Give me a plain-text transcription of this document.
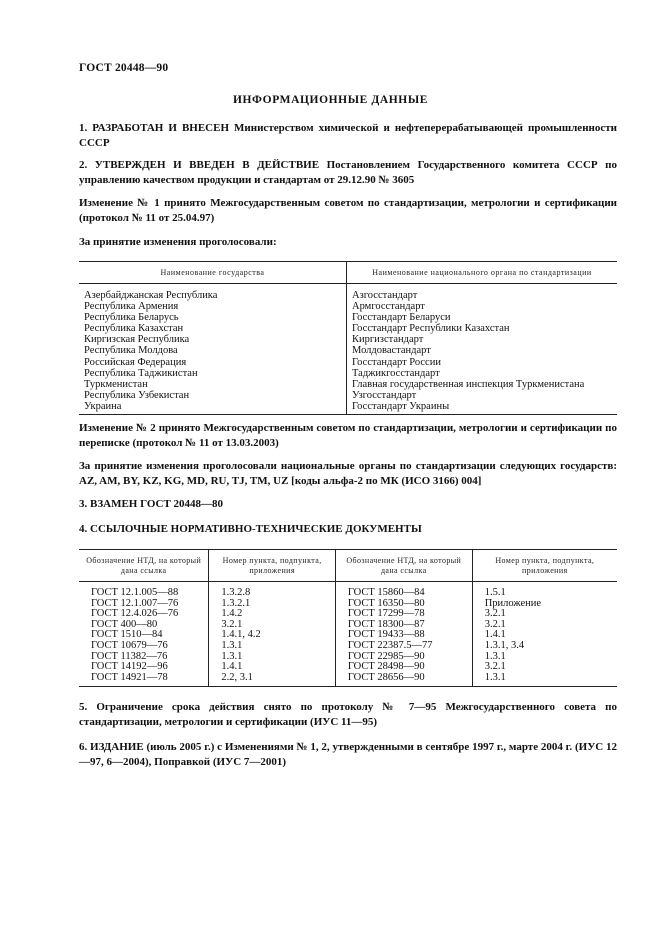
ГОСТ 20448—90
ИНФОРМАЦИОННЫЕ ДАННЫЕ
1. РАЗРАБОТАН И ВНЕСЕН Министерством химической и нефтеперерабатывающей промышленности СССР
2. УТВЕРЖДЕН И ВВЕДЕН В ДЕЙСТВИЕ Постановлением Государственного комитета СССР по управлению качеством продукции и стандартам от 29.12.90 № 3605
Изменение № 1 принято Межгосударственным советом по стандартизации, метрологии и сертификации (протокол № 11 от 25.04.97)
За принятие изменения проголосовали:
Наименование государства	Наименование национального органа по стандартизации
Азербайджанская Республика	Азгосстандарт
Республика Армения	Армгосстандарт
Республика Беларусь	Госстандарт Беларуси
Республика Казахстан	Госстандарт Республики Казахстан
Киргизская Республика	Киргизстандарт
Республика Молдова	Молдовастандарт
Российская Федерация	Госстандарт России
Республика Таджикистан	Таджикгосстандарт
Туркменистан	Главная государственная инспекция Туркменистана
Республика Узбекистан	Узгосстандарт
Украина	Госстандарт Украины
Изменение № 2 принято Межгосударственным советом по стандартизации, метрологии и сертификации по переписке (протокол № 11 от 13.03.2003)
За принятие изменения проголосовали национальные органы по стандартизации следующих государств: AZ, AM, BY, KZ, KG, MD, RU, TJ, TM, UZ [коды альфа-2 по МК (ИСО 3166) 004]
3. ВЗАМЕН ГОСТ 20448—80
4. ССЫЛОЧНЫЕ НОРМАТИВНО-ТЕХНИЧЕСКИЕ ДОКУМЕНТЫ
Обозначение НТД, на который дана ссылка	Номер пункта, подпункта, приложения	Обозначение НТД, на который дана ссылка	Номер пункта, подпункта, приложения
ГОСТ 12.1.005—88	1.3.2.8	ГОСТ 15860—84	1.5.1
ГОСТ 12.1.007—76	1.3.2.1	ГОСТ 16350—80	Приложение
ГОСТ 12.4.026—76	1.4.2	ГОСТ 17299—78	3.2.1
ГОСТ 400—80	3.2.1	ГОСТ 18300—87	3.2.1
ГОСТ 1510—84	1.4.1, 4.2	ГОСТ 19433—88	1.4.1
ГОСТ 10679—76	1.3.1	ГОСТ 22387.5—77	1.3.1, 3.4
ГОСТ 11382—76	1.3.1	ГОСТ 22985—90	1.3.1
ГОСТ 14192—96	1.4.1	ГОСТ 28498—90	3.2.1
ГОСТ 14921—78	2.2, 3.1	ГОСТ 28656—90	1.3.1
5. Ограничение срока действия снято по протоколу № 7—95 Межгосударственного совета по стандартизации, метрологии и сертификации (ИУС 11—95)
6. ИЗДАНИЕ (июль 2005 г.) с Изменениями № 1, 2, утвержденными в сентябре 1997 г., марте 2004 г. (ИУС 12—97, 6—2004), Поправкой (ИУС 7—2001)
